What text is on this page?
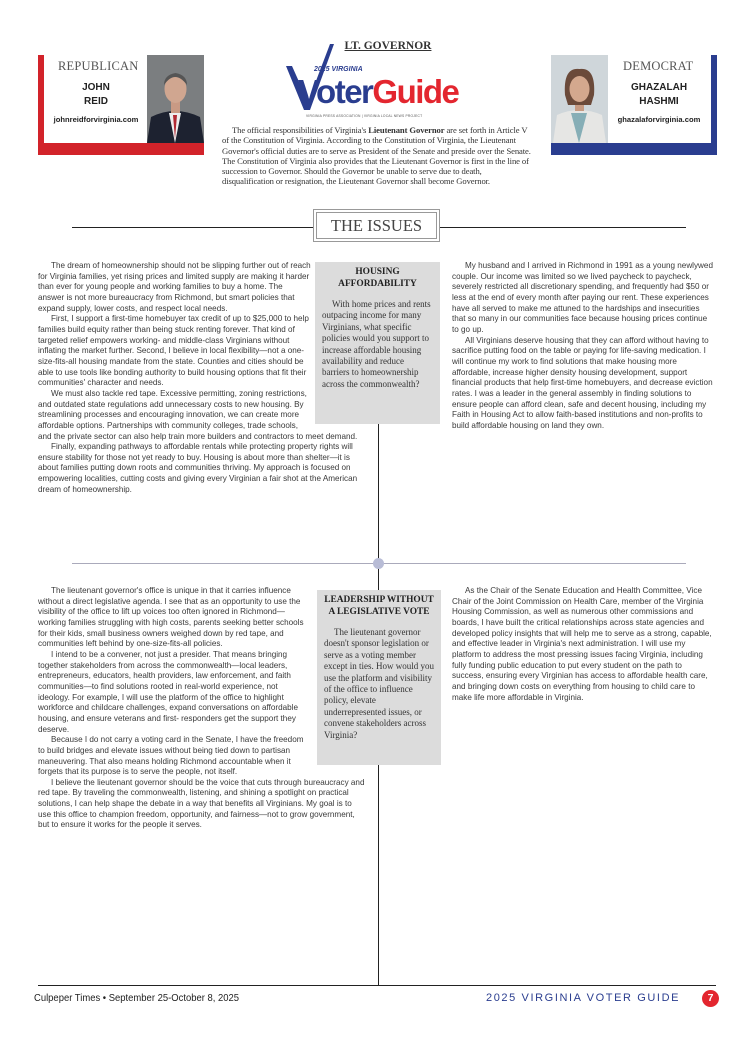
REPUBLICAN
JOHN
REID
johnreidforvirginia.com
DEMOCRAT
GHAZALAH
HASHMI
ghazalaforvirginia.com
LT. GOVERNOR
2025 VIRGINIA
VoterGuide
VIRGINIA PRESS ASSOCIATION | VIRGINIA LOCAL NEWS PROJECT
The official responsibilities of Virginia's Lieutenant Governor are set forth in Article V of the Constitution of Virginia. According to the Constitution of Virginia, the Lieutenant Governor's official duties are to serve as President of the Senate and preside over the Senate. The Constitution of Virginia also provides that the Lieutenant Governor is first in the line of succession to Governor. Should the Governor be unable to serve due to death, disqualification or resignation, the Lieutenant Governor shall become Governor.
THE ISSUES

The dream of homeownership should not be slipping further out of reach for Virginia families, yet rising prices and limited supply are making it harder than ever for young people and working families to buy a home. The answer is not more bureaucracy from Richmond, but smart policies that expand supply, lower costs, and respect local needs.

First, I support a first-time homebuyer tax credit of up to $25,000 to help families build equity rather than being stuck renting forever. That kind of targeted relief empowers working- and middle-class Virginians without inflating the market further. Second, I believe in local flexibility—not a one-size-fits-all housing mandate from the state. Counties and cities should be able to use tools like bonding authority to build housing options that fit their communities' character and needs.

We must also tackle red tape. Excessive permitting, zoning restrictions, and outdated state regulations add unnecessary costs to new housing. By streamlining processes and encouraging innovation, we can create more affordable options. Partnerships with community colleges, trade schools, and the private sector can also help train more builders and contractors to meet demand.

Finally, expanding pathways to affordable rentals while protecting property rights will ensure stability for those not yet ready to buy. Housing is about more than shelter—it is about families putting down roots and communities thriving. My approach is focused on empowering localities, cutting costs and giving every Virginian a fair shot at the American dream of homeownership.

HOUSING AFFORDABILITY

With home prices and rents outpacing income for many Virginians, what specific policies would you support to increase affordable housing availability and reduce barriers to homeownership across the commonwealth?

My husband and I arrived in Richmond in 1991 as a young newlywed couple. Our income was limited so we lived paycheck to paycheck, severely restricted all discretionary spending, and frequently had $50 or less at the end of every month after paying our rent. These experiences have all served to make me attuned to the hardships and insecurities that so many in our communities face because housing prices continue to go up.

All Virginians deserve housing that they can afford without having to sacrifice putting food on the table or paying for life-saving medication. I will continue my work to find solutions that make housing more affordable, increase higher density housing development, support financial products that help first-time homebuyers, and decrease eviction rates. I was a leader in the general assembly in finding solutions to ensure people can afford clean, safe and decent housing, including my Faith in Housing Act to allow faith-based institutions and non-profits to build affordable housing on land they own.

The lieutenant governor's office is unique in that it carries influence without a direct legislative agenda. I see that as an opportunity to use the visibility of the office to lift up voices too often ignored in Richmond—working families struggling with high costs, parents seeking better schools for their kids, small business owners weighed down by red tape, and communities left behind by one-size-fits-all policies.

I intend to be a convener, not just a presider. That means bringing together stakeholders from across the commonwealth—local leaders, entrepreneurs, educators, health providers, law enforcement, and faith communities—to find solutions rooted in real-world experience, not ideology. For example, I will use the platform of the office to highlight workforce and childcare challenges, expand conversations on affordable housing, and ensure veterans and first- responders get the support they deserve.

Because I do not carry a voting card in the Senate, I have the freedom to build bridges and elevate issues without being tied down to partisan maneuvering. That also means holding Richmond accountable when it forgets that its purpose is to serve the people, not itself.

I believe the lieutenant governor should be the voice that cuts through bureaucracy and red tape. By traveling the commonwealth, listening, and shining a spotlight on practical solutions, I can help shape the debate in a way that benefits all Virginians. My goal is to use this office to champion freedom, opportunity, and fairness—not to grow government, but to ensure it works for the people it serves.

LEADERSHIP WITHOUT A LEGISLATIVE VOTE

The lieutenant governor doesn't sponsor legislation or serve as a voting member except in ties. How would you use the platform and visibility of the office to influence policy, elevate underrepresented issues, or convene stakeholders across Virginia?

As the Chair of the Senate Education and Health Committee, Vice Chair of the Joint Commission on Health Care, member of the Virginia Housing Commission, as well as numerous other commissions and boards, I have built the critical relationships across state agencies and developed policy insights that will help me to serve as a strong, capable, and effective leader in Virginia's next administration. I will use my platform to address the most pressing issues facing Virginia, including fully funding public education to put every student on the path to success, ensuring every Virginian has access to affordable health care, and bringing down costs on everything from housing to child care to make life more affordable in Virginia.

Culpeper Times • September 25-October 8, 2025	2025 VIRGINIA VOTER GUIDE	7
